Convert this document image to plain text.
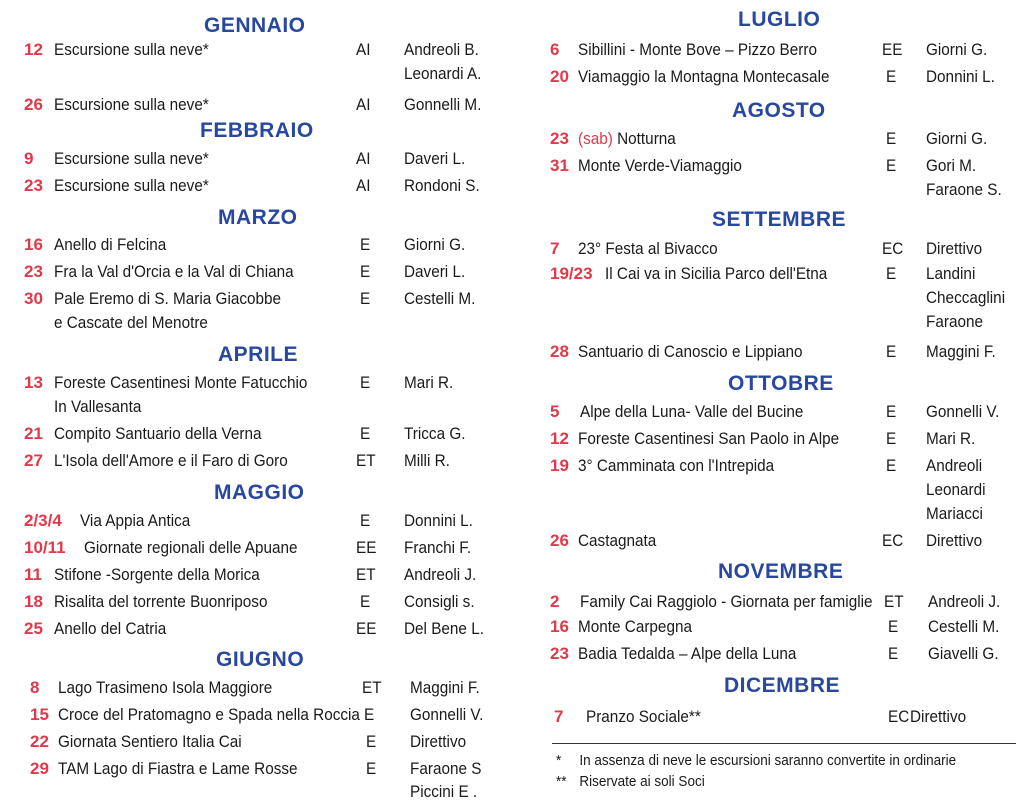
GENNAIO
12 Escursione sulla neve*	AI Andreoli B.
Leonardi A.
26 Escursione sulla neve*	AI Gonnelli M.
FEBBRAIO
9 Escursione sulla neve*	AI Daveri L.
23 Escursione sulla neve*	AI Rondoni S.
MARZO
16 Anello di Felcina	E Giorni G.
23 Fra la Val d'Orcia e la Val di Chiana	E Daveri L.
30 Pale Eremo di S. Maria Giacobbe	E Cestelli M.
e Cascate del Menotre
APRILE
13 Foreste Casentinesi Monte Fatucchio	E Mari R.
In Vallesanta
21 Compito Santuario della Verna	E Tricca G.
27 L'Isola dell'Amore e il Faro di Goro	ET Milli R.
MAGGIO
2/3/4 Via Appia Antica	E Donnini L.
10/11 Giornate regionali delle Apuane	EE Franchi F.
11 Stifone -Sorgente della Morica	ET Andreoli J.
18 Risalita del torrente Buonriposo	E Consigli s.
25 Anello del Catria	EE Del Bene L.
GIUGNO
8 Lago Trasimeno Isola Maggiore	ET Maggini F.
15 Croce del Pratomagno e Spada nella Roccia E Gonnelli V.
22 Giornata Sentiero Italia Cai	E Direttivo
29 TAM Lago di Fiastra e Lame Rosse	E Faraone S
Piccini E .
LUGLIO
6 Sibillini - Monte Bove – Pizzo Berro	EE Giorni G.
20 Viamaggio la Montagna Montecasale	E Donnini L.
AGOSTO
23 (sab) Notturna	E Giorni G.
31 Monte Verde-Viamaggio	E Gori M.
Faraone S.
SETTEMBRE
7 23° Festa al Bivacco	EC Direttivo
19/23 Il Cai va in Sicilia Parco dell'Etna	E Landini
Checcaglini
Faraone
28 Santuario di Canoscio e Lippiano	E Maggini F.
OTTOBRE
5 Alpe della Luna- Valle del Bucine	E Gonnelli V.
12 Foreste Casentinesi San Paolo in Alpe	E Mari R.
19 3° Camminata con l'Intrepida	E Andreoli
Leonardi
Mariacci
26 Castagnata	EC Direttivo
NOVEMBRE
2 Family Cai Raggiolo - Giornata per famiglie ET Andreoli J.
16 Monte Carpegna	E Cestelli M.
23 Badia Tedalda – Alpe della Luna	E Giavelli G.
DICEMBRE
7 Pranzo Sociale**	EC Direttivo
* In assenza di neve le escursioni saranno convertite in ordinarie
** Riservate ai soli Soci
